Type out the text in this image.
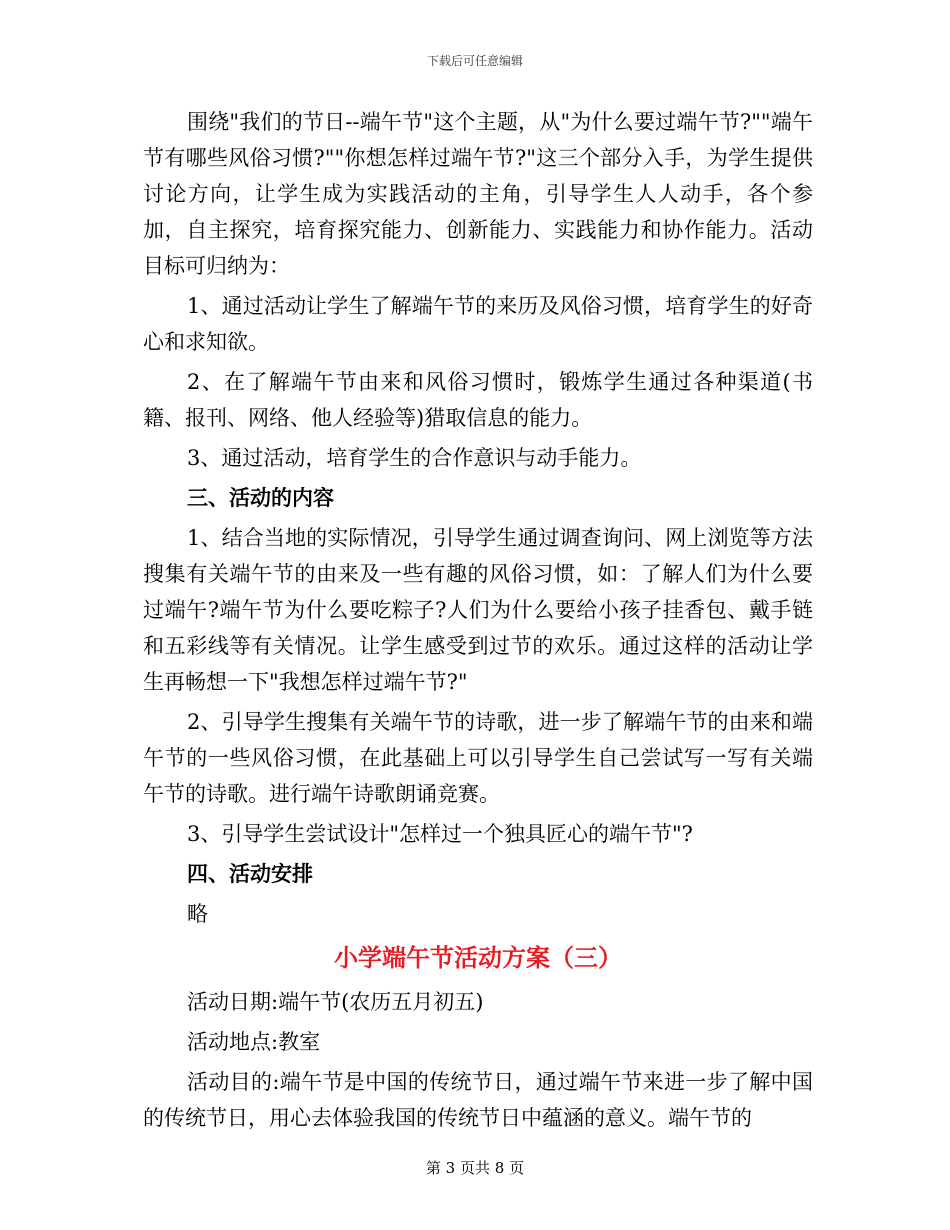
下载后可任意编辑

围绕"我们的节日--端午节"这个主题，从"为什么要过端午节?""端午节有哪些风俗习惯?""你想怎样过端午节?"这三个部分入手，为学生提供讨论方向，让学生成为实践活动的主角，引导学生人人动手，各个参加，自主探究，培育探究能力、创新能力、实践能力和协作能力。活动目标可归纳为：

1、通过活动让学生了解端午节的来历及风俗习惯，培育学生的好奇心和求知欲。

2、在了解端午节由来和风俗习惯时，锻炼学生通过各种渠道(书籍、报刊、网络、他人经验等)猎取信息的能力。

3、通过活动，培育学生的合作意识与动手能力。

三、活动的内容

1、结合当地的实际情况，引导学生通过调查询问、网上浏览等方法搜集有关端午节的由来及一些有趣的风俗习惯，如：了解人们为什么要过端午?端午节为什么要吃粽子?人们为什么要给小孩子挂香包、戴手链和五彩线等有关情况。让学生感受到过节的欢乐。通过这样的活动让学生再畅想一下"我想怎样过端午节?"

2、引导学生搜集有关端午节的诗歌，进一步了解端午节的由来和端午节的一些风俗习惯，在此基础上可以引导学生自己尝试写一写有关端午节的诗歌。进行端午诗歌朗诵竞赛。

3、引导学生尝试设计"怎样过一个独具匠心的端午节"?

四、活动安排

略

小学端午节活动方案（三）

活动日期:端午节(农历五月初五)

活动地点:教室

活动目的:端午节是中国的传统节日，通过端午节来进一步了解中国的传统节日，用心去体验我国的传统节日中蕴涵的意义。端午节的

第 3 页共 8 页
